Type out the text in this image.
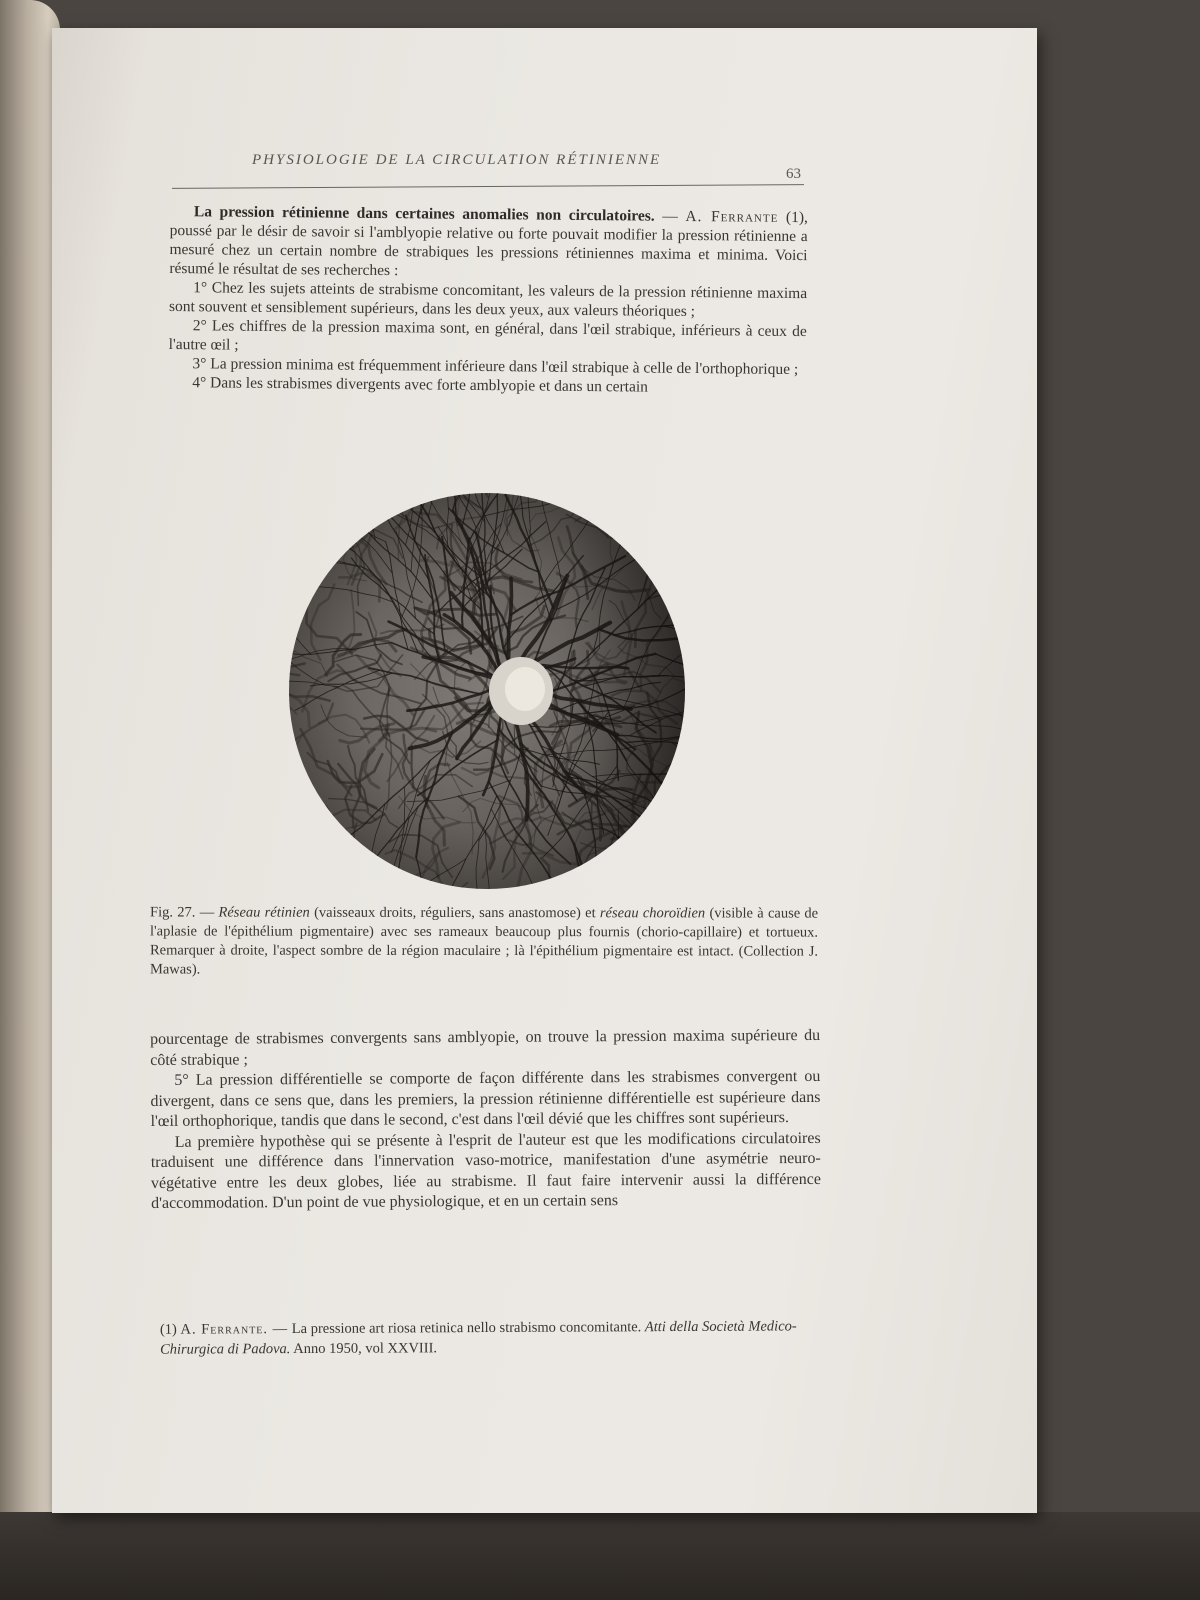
PHYSIOLOGIE DE LA CIRCULATION RÉTINIENNE
63

La pression rétinienne dans certaines anomalies non circulatoires. — A. Ferrante (1), poussé par le désir de savoir si l'amblyopie relative ou forte pouvait modifier la pression rétinienne a mesuré chez un certain nombre de strabiques les pressions rétiniennes maxima et minima. Voici résumé le résultat de ses recherches :

1° Chez les sujets atteints de strabisme concomitant, les valeurs de la pression rétinienne maxima sont souvent et sensiblement supérieurs, dans les deux yeux, aux valeurs théoriques ;

2° Les chiffres de la pression maxima sont, en général, dans l'œil strabique, inférieurs à ceux de l'autre œil ;

3° La pression minima est fréquemment inférieure dans l'œil strabique à celle de l'orthophorique ;

4° Dans les strabismes divergents avec forte amblyopie et dans un certain

Fig. 27. — Réseau rétinien (vaisseaux droits, réguliers, sans anastomose) et réseau choroïdien (visible à cause de l'aplasie de l'épithélium pigmentaire) avec ses rameaux beaucoup plus fournis (chorio-capillaire) et tortueux. Remarquer à droite, l'aspect sombre de la région maculaire ; là l'épithélium pigmentaire est intact. (Collection J. Mawas).

pourcentage de strabismes convergents sans amblyopie, on trouve la pression maxima supérieure du côté strabique ;

5° La pression différentielle se comporte de façon différente dans les strabismes convergent ou divergent, dans ce sens que, dans les premiers, la pression rétinienne différentielle est supérieure dans l'œil orthophorique, tandis que dans le second, c'est dans l'œil dévié que les chiffres sont supérieurs.

La première hypothèse qui se présente à l'esprit de l'auteur est que les modifications circulatoires traduisent une différence dans l'innervation vaso-motrice, manifestation d'une asymétrie neuro-végétative entre les deux globes, liée au strabisme. Il faut faire intervenir aussi la différence d'accommodation. D'un point de vue physiologique, et en un certain sens

(1) A. Ferrante. — La pressione art riosa retinica nello strabismo concomitante. Atti della Società Medico-Chirurgica di Padova. Anno 1950, vol XXVIII.
